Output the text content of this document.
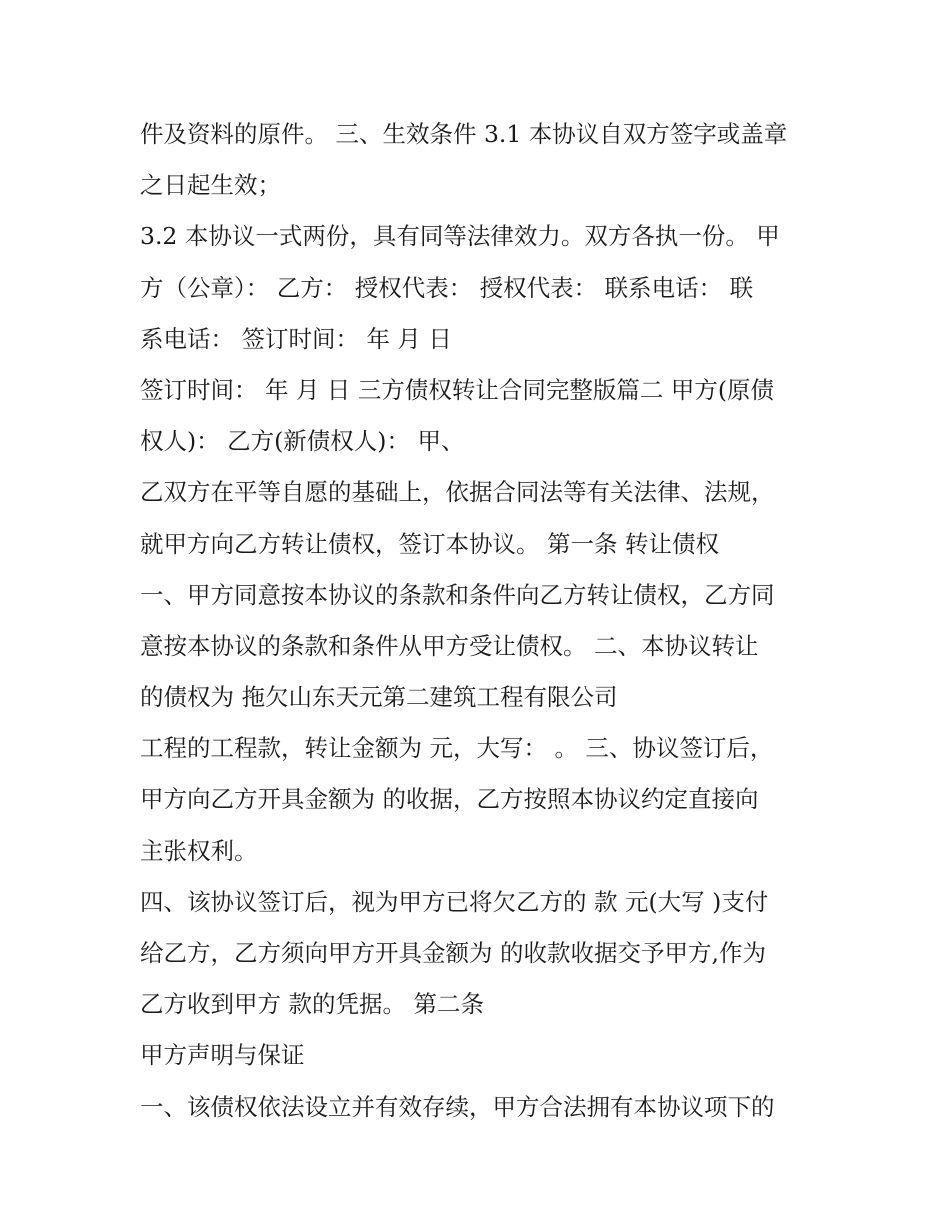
件及资料的原件。 三、生效条件 3.1 本协议自双方签字或盖章
之日起生效；
3.2 本协议一式两份，具有同等法律效力。双方各执一份。 甲
方（公章）： 乙方： 授权代表： 授权代表： 联系电话： 联
系电话： 签订时间： 年 月 日
签订时间： 年 月 日 三方债权转让合同完整版篇二 甲方(原债
权人)： 乙方(新债权人)： 甲、
乙双方在平等自愿的基础上，依据合同法等有关法律、法规，
就甲方向乙方转让债权，签订本协议。 第一条 转让债权
一、甲方同意按本协议的条款和条件向乙方转让债权，乙方同
意按本协议的条款和条件从甲方受让债权。 二、本协议转让
的债权为 拖欠山东天元第二建筑工程有限公司
工程的工程款，转让金额为 元，大写： 。 三、协议签订后，
甲方向乙方开具金额为 的收据，乙方按照本协议约定直接向
主张权利。
四、该协议签订后，视为甲方已将欠乙方的 款 元(大写 )支付
给乙方，乙方须向甲方开具金额为 的收款收据交予甲方,作为
乙方收到甲方 款的凭据。 第二条
甲方声明与保证
一、该债权依法设立并有效存续，甲方合法拥有本协议项下的
